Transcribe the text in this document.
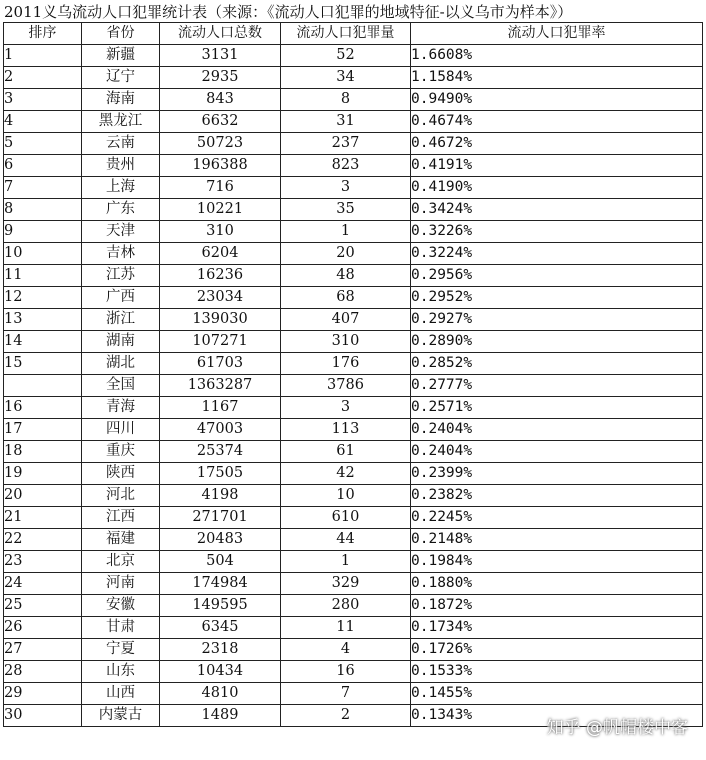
2011义乌流动人口犯罪统计表（来源：《流动人口犯罪的地域特征-以义乌市为样本》）
排序	省份	流动人口总数	流动人口犯罪量	流动人口犯罪率
1	新疆	3131	52	1.6608%
2	辽宁	2935	34	1.1584%
3	海南	843	8	0.9490%
4	黑龙江	6632	31	0.4674%
5	云南	50723	237	0.4672%
6	贵州	196388	823	0.4191%
7	上海	716	3	0.4190%
8	广东	10221	35	0.3424%
9	天津	310	1	0.3226%
10	吉林	6204	20	0.3224%
11	江苏	16236	48	0.2956%
12	广西	23034	68	0.2952%
13	浙江	139030	407	0.2927%
14	湖南	107271	310	0.2890%
15	湖北	61703	176	0.2852%
	全国	1363287	3786	0.2777%
16	青海	1167	3	0.2571%
17	四川	47003	113	0.2404%
18	重庆	25374	61	0.2404%
19	陕西	17505	42	0.2399%
20	河北	4198	10	0.2382%
21	江西	271701	610	0.2245%
22	福建	20483	44	0.2148%
23	北京	504	1	0.1984%
24	河南	174984	329	0.1880%
25	安徽	149595	280	0.1872%
26	甘肃	6345	11	0.1734%
27	宁夏	2318	4	0.1726%
28	山东	10434	16	0.1533%
29	山西	4810	7	0.1455%
30	内蒙古	1489	2	0.1343%
知乎 @帆帽楼中客
